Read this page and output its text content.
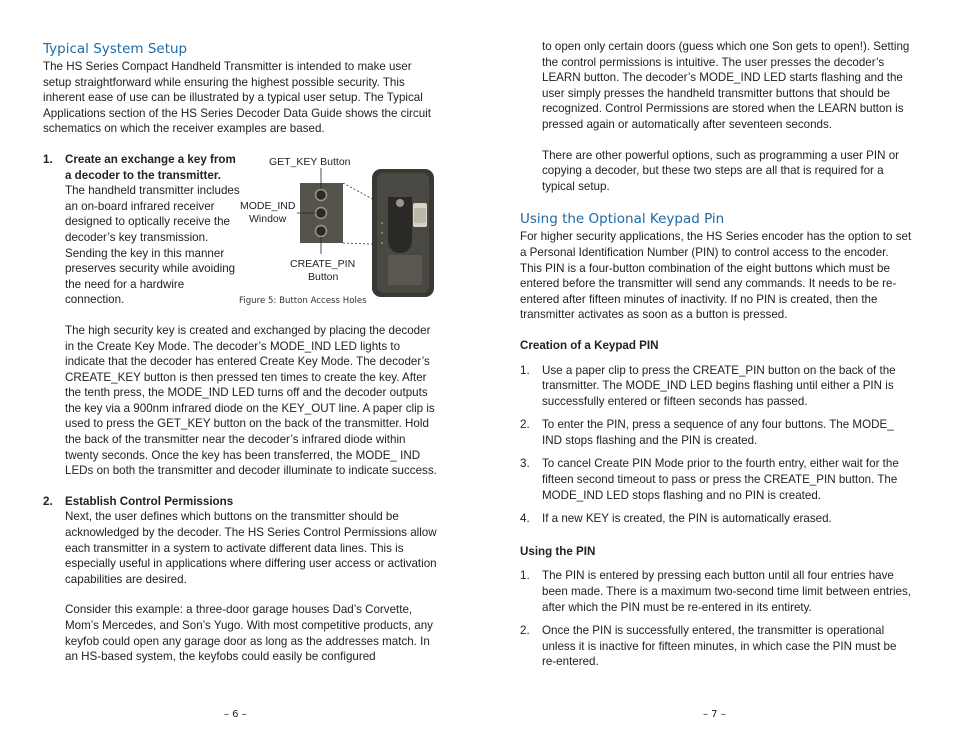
Typical System Setup

The HS Series Compact Handheld Transmitter is intended to make user setup straightforward while ensuring the highest possible security. This inherent ease of use can be illustrated by a typical user setup. The Typical Applications section of the HS Series Decoder Data Guide shows the circuit schematics on which the receiver examples are based.

1. Create an exchange a key from a decoder to the transmitter.

The handheld transmitter includes an on-board infrared receiver designed to optically receive the decoder’s key transmission. Sending the key in this manner preserves security while avoiding the need for a hardwire connection.

The high security key is created and exchanged by placing the decoder in the Create Key Mode. The decoder’s MODE_IND LED lights to indicate that the decoder has entered Create Key Mode. The decoder’s CREATE_KEY button is then pressed ten times to create the key. After the tenth press, the MODE_IND LED turns off and the decoder outputs the key via a 900nm infrared diode on the KEY_OUT line. A paper clip is used to press the GET_KEY button on the back of the transmitter. Hold the back of the transmitter near the decoder’s infrared diode within twenty seconds. Once the key has been transferred, the MODE_ IND LEDs on both the transmitter and decoder illuminate to indicate success.

2. Establish Control Permissions

Next, the user defines which buttons on the transmitter should be acknowledged by the decoder. The HS Series Control Permissions allow each transmitter in a system to activate different data lines. This is especially useful in applications where differing user access or activation capabilities are desired.

Consider this example: a three-door garage houses Dad’s Corvette, Mom’s Mercedes, and Son’s Yugo. With most competitive products, any keyfob could open any garage door as long as the addresses match. In an HS-based system, the keyfobs could easily be configured

GET_KEY Button
MODE_IND
Window
CREATE_PIN
Button
Figure 5: Button Access Holes

to open only certain doors (guess which one Son gets to open!). Setting the control permissions is intuitive. The user presses the decoder’s LEARN button. The decoder’s MODE_IND LED starts flashing and the user simply presses the handheld transmitter buttons that should be recognized. Control Permissions are stored when the LEARN button is pressed again or automatically after seventeen seconds.

There are other powerful options, such as programming a user PIN or copying a decoder, but these two steps are all that is required for a typical setup.

Using the Optional Keypad Pin

For higher security applications, the HS Series encoder has the option to set a Personal Identification Number (PIN) to control access to the encoder. This PIN is a four-button combination of the eight buttons which must be entered before the transmitter will send any commands. It needs to be re-entered after fifteen minutes of inactivity. If no PIN is created, then the transmitter activates as soon as a button is pressed.

Creation of a Keypad PIN

1. Use a paper clip to press the CREATE_PIN button on the back of the transmitter. The MODE_IND LED begins flashing until either a PIN is successfully entered or fifteen seconds has passed.

2. To enter the PIN, press a sequence of any four buttons. The MODE_ IND stops flashing and the PIN is created.

3. To cancel Create PIN Mode prior to the fourth entry, either wait for the fifteen second timeout to pass or press the CREATE_PIN button. The MODE_IND LED stops flashing and no PIN is created.

4. If a new KEY is created, the PIN is automatically erased.

Using the PIN

1. The PIN is entered by pressing each button until all four entries have been made. There is a maximum two-second time limit between entries, after which the PIN must be re-entered in its entirety.

2. Once the PIN is successfully entered, the transmitter is operational unless it is inactive for fifteen minutes, in which case the PIN must be re-entered.

– 6 –	– 7 –
